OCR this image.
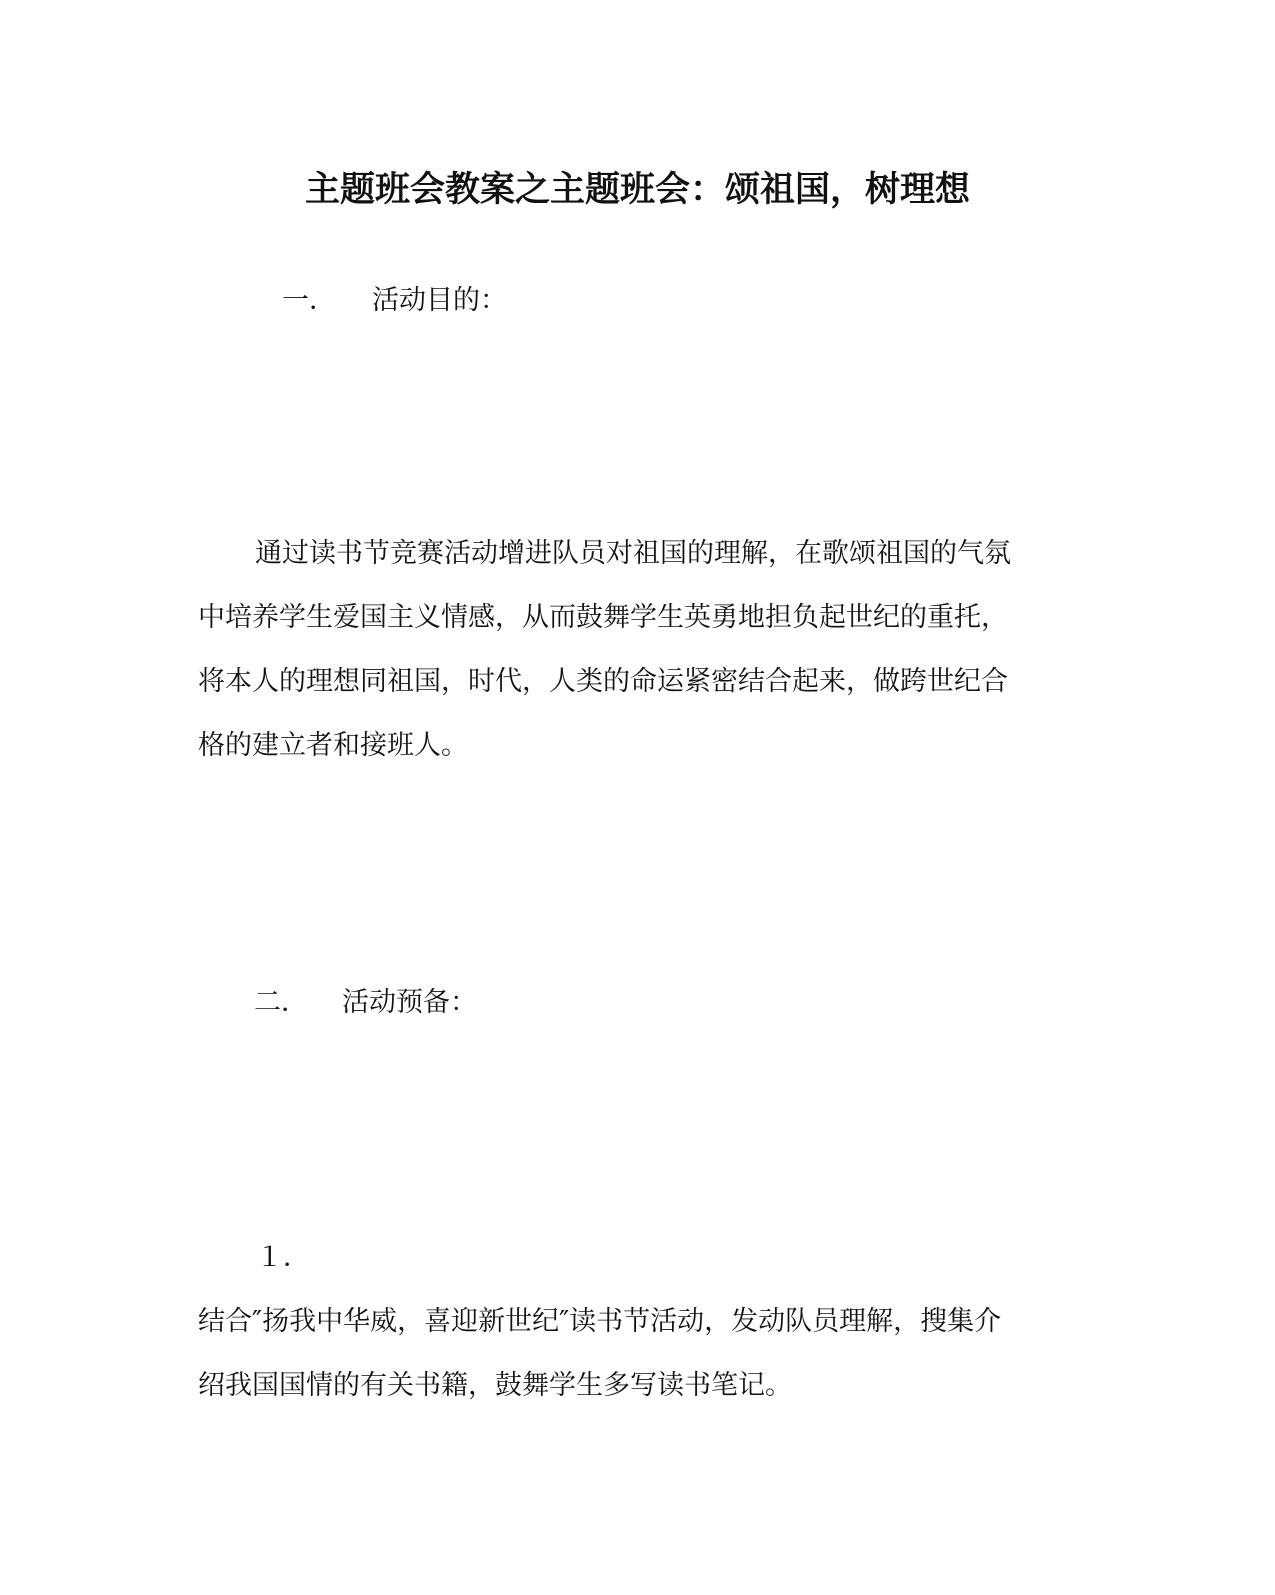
主题班会教案之主题班会：颂祖国，树理想
一． 活动目的：
通过读书节竞赛活动增进队员对祖国的理解，在歌颂祖国的气氛
中培养学生爱国主义情感，从而鼓舞学生英勇地担负起世纪的重托，
将本人的理想同祖国，时代，人类的命运紧密结合起来，做跨世纪合
格的建立者和接班人。
二． 活动预备：
１．
结合″扬我中华威，喜迎新世纪″读书节活动，发动队员理解，搜集介
绍我国国情的有关书籍，鼓舞学生多写读书笔记。
